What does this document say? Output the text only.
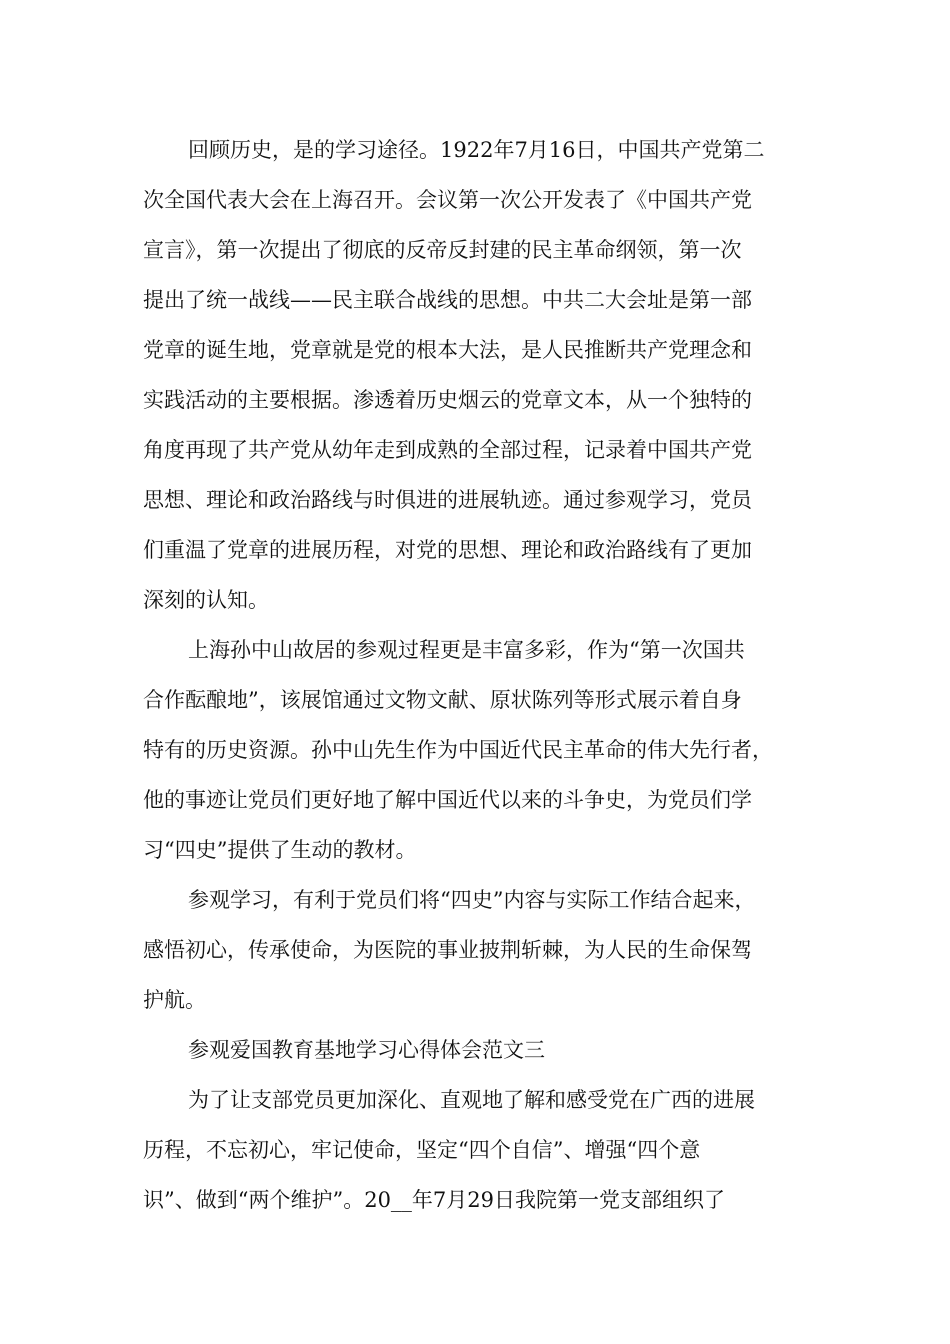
回顾历史，是的学习途径。1922年7月16日，中国共产党第二

次全国代表大会在上海召开。会议第一次公开发表了《中国共产党

宣言》，第一次提出了彻底的反帝反封建的民主革命纲领，第一次

提出了统一战线——民主联合战线的思想。中共二大会址是第一部

党章的诞生地，党章就是党的根本大法，是人民推断共产党理念和

实践活动的主要根据。渗透着历史烟云的党章文本，从一个独特的

角度再现了共产党从幼年走到成熟的全部过程，记录着中国共产党

思想、理论和政治路线与时俱进的进展轨迹。通过参观学习，党员

们重温了党章的进展历程，对党的思想、理论和政治路线有了更加

深刻的认知。

上海孙中山故居的参观过程更是丰富多彩，作为“第一次国共

合作酝酿地”，该展馆通过文物文献、原状陈列等形式展示着自身

特有的历史资源。孙中山先生作为中国近代民主革命的伟大先行者，

他的事迹让党员们更好地了解中国近代以来的斗争史，为党员们学

习“四史”提供了生动的教材。

参观学习，有利于党员们将“四史”内容与实际工作结合起来，

感悟初心，传承使命，为医院的事业披荆斩棘，为人民的生命保驾

护航。

参观爱国教育基地学习心得体会范文三

为了让支部党员更加深化、直观地了解和感受党在广西的进展

历程，不忘初心，牢记使命，坚定“四个自信”、增强“四个意

识”、做到“两个维护”。20__年7月29日我院第一党支部组织了
